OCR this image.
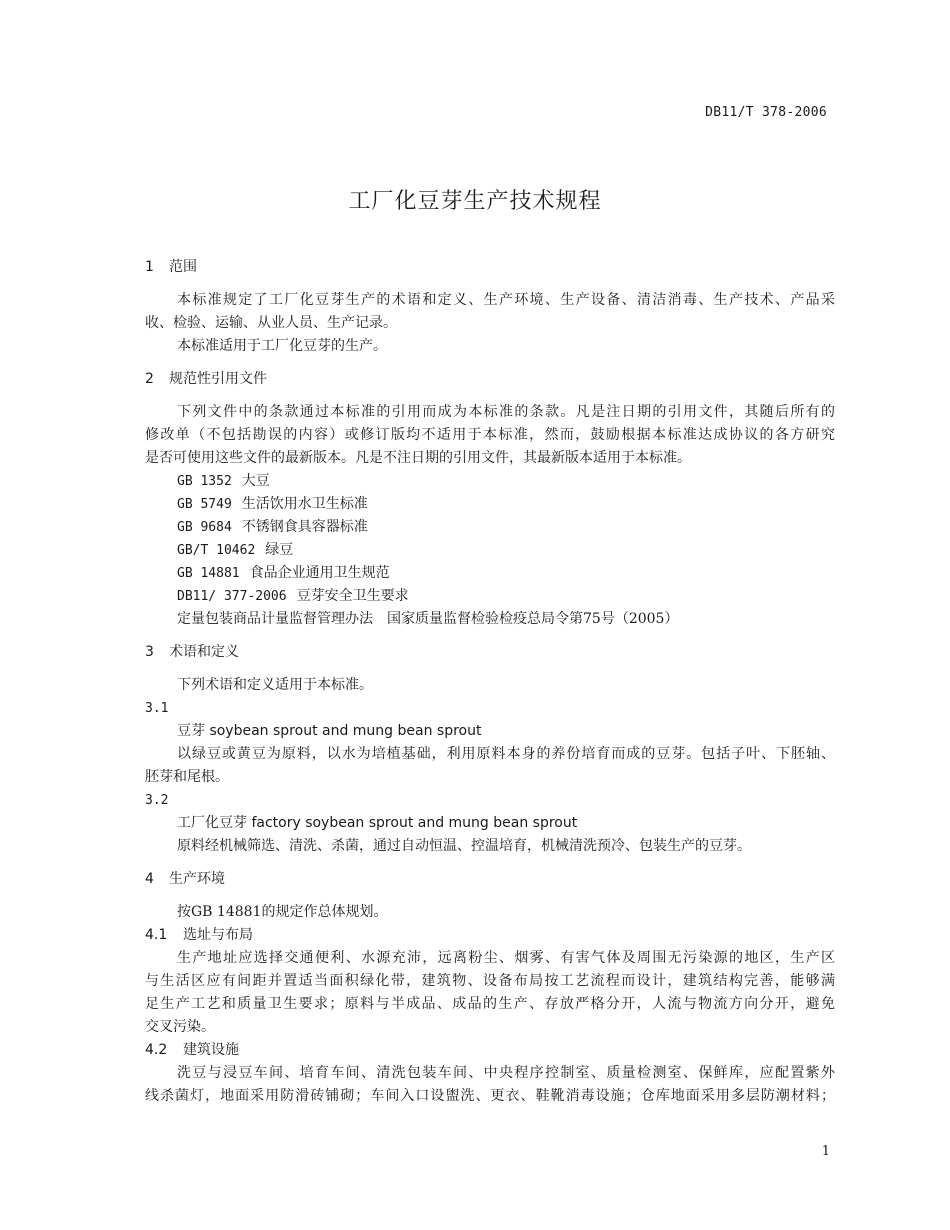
DB11/T 378-2006
工厂化豆芽生产技术规程
1 范围
本标准规定了工厂化豆芽生产的术语和定义、生产环境、生产设备、清洁消毒、生产技术、产品采
收、检验、运输、从业人员、生产记录。
本标准适用于工厂化豆芽的生产。
2 规范性引用文件
下列文件中的条款通过本标准的引用而成为本标准的条款。凡是注日期的引用文件，其随后所有的
修改单（不包括勘误的内容）或修订版均不适用于本标准，然而，鼓励根据本标准达成协议的各方研究
是否可使用这些文件的最新版本。凡是不注日期的引用文件，其最新版本适用于本标准。
GB 1352 大豆
GB 5749 生活饮用水卫生标准
GB 9684 不锈钢食具容器标准
GB/T 10462 绿豆
GB 14881 食品企业通用卫生规范
DB11/ 377-2006 豆芽安全卫生要求
定量包装商品计量监督管理办法　国家质量监督检验检疫总局令第75号（2005）
3 术语和定义
下列术语和定义适用于本标准。
3.1
豆芽 soybean sprout and mung bean sprout
以绿豆或黄豆为原料，以水为培植基础，利用原料本身的养份培育而成的豆芽。包括子叶、下胚轴、
胚芽和尾根。
3.2
工厂化豆芽 factory soybean sprout and mung bean sprout
原料经机械筛选、清洗、杀菌，通过自动恒温、控温培育，机械清洗预冷、包装生产的豆芽。
4 生产环境
按GB 14881的规定作总体规划。
4.1 选址与布局
生产地址应选择交通便利、水源充沛，远离粉尘、烟雾、有害气体及周围无污染源的地区，生产区
与生活区应有间距并置适当面积绿化带，建筑物、设备布局按工艺流程而设计，建筑结构完善，能够满
足生产工艺和质量卫生要求；原料与半成品、成品的生产、存放严格分开，人流与物流方向分开，避免
交叉污染。
4.2 建筑设施
洗豆与浸豆车间、培育车间、清洗包装车间、中央程序控制室、质量检测室、保鲜库，应配置紫外
线杀菌灯，地面采用防滑砖铺砌；车间入口设盥洗、更衣、鞋靴消毒设施；仓库地面采用多层防潮材料；
1
